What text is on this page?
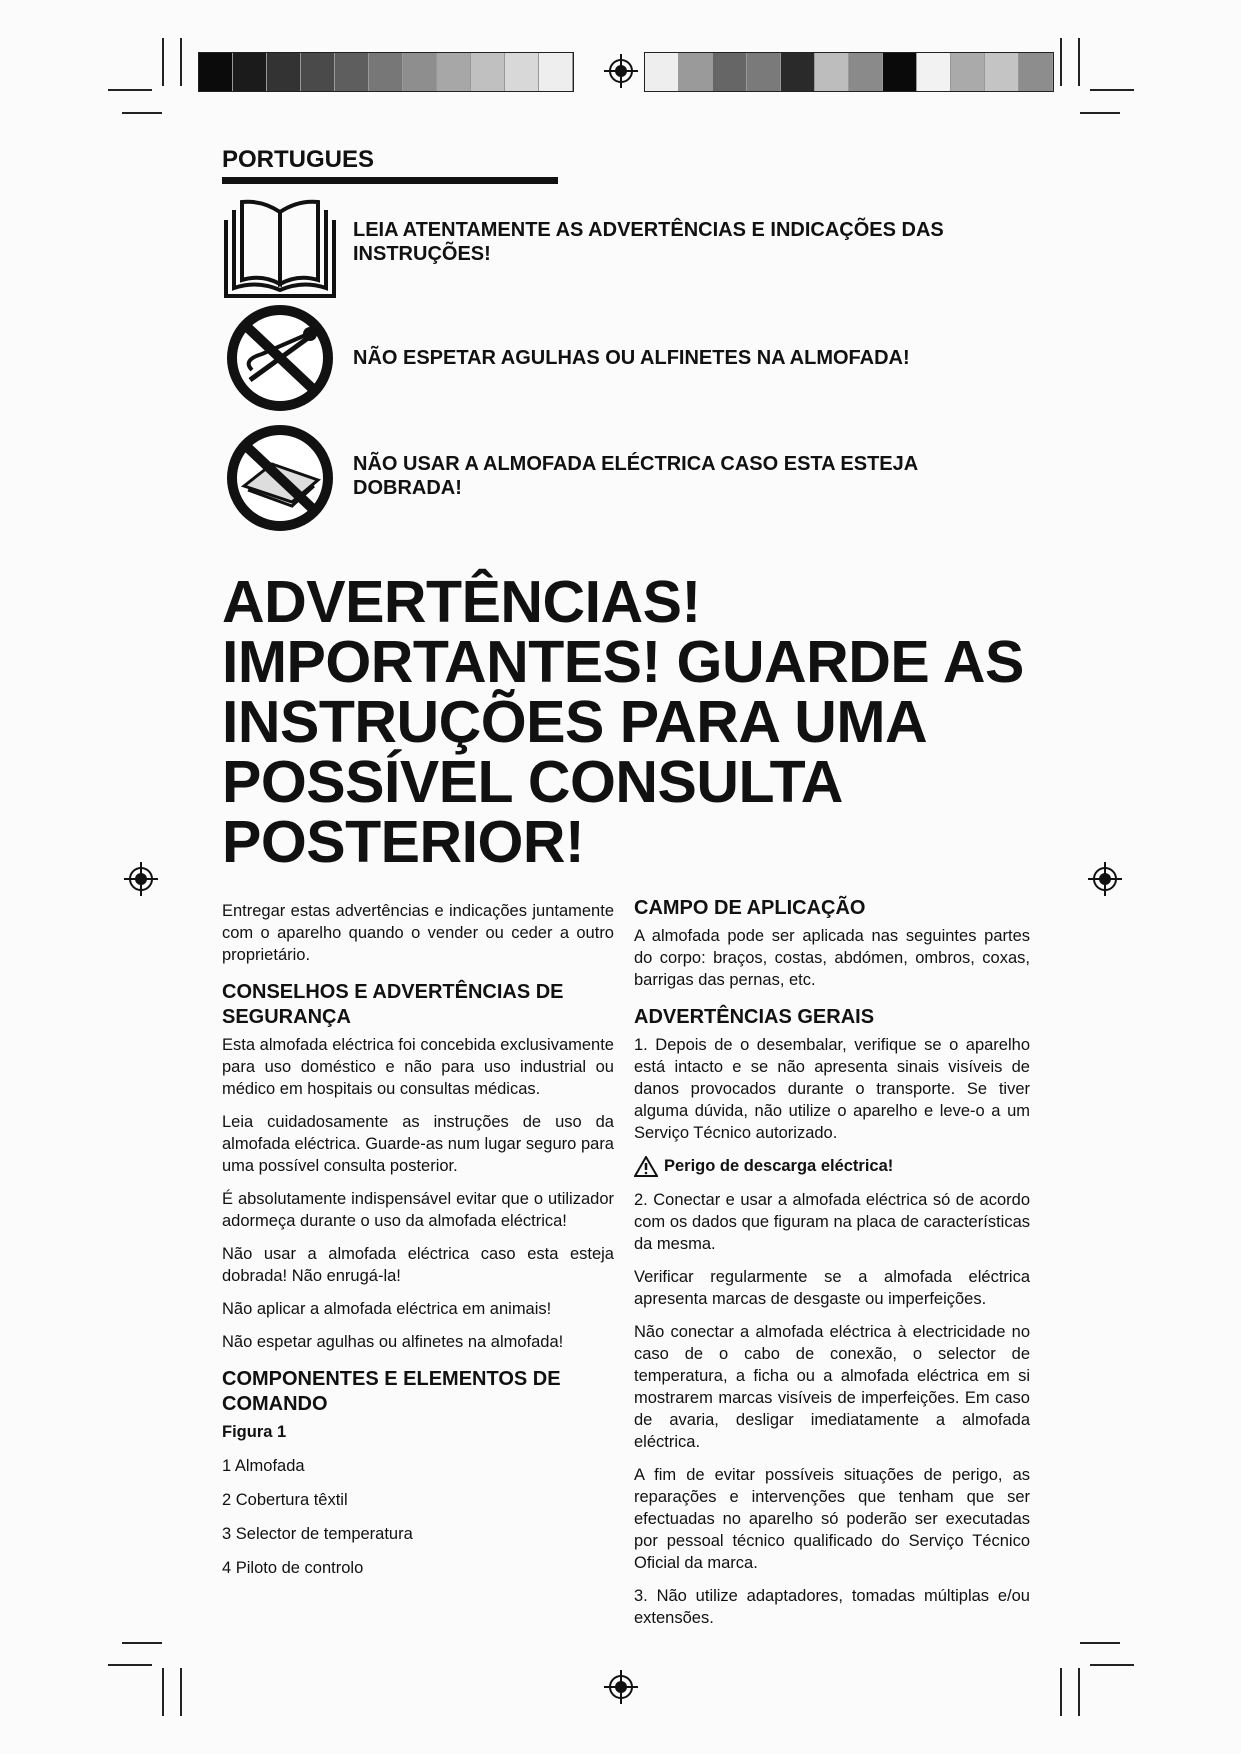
PORTUGUES
LEIA ATENTAMENTE AS ADVERTÊNCIAS E INDICAÇÕES DAS INSTRUÇÕES!
NÃO ESPETAR AGULHAS OU ALFINETES NA ALMOFADA!
NÃO USAR A ALMOFADA ELÉCTRICA CASO ESTA ESTEJA DOBRADA!
ADVERTÊNCIAS! IMPORTANTES! GUARDE AS INSTRUÇÕES PARA UMA POSSÍVEL CONSULTA POSTERIOR!

Entregar estas advertências e indicações juntamente com o aparelho quando o vender ou ceder a outro proprietário.

CONSELHOS E ADVERTÊNCIAS DE SEGURANÇA

Esta almofada eléctrica foi concebida exclusivamente para uso doméstico e não para uso industrial ou médico em hospitais ou consultas médicas.

Leia cuidadosamente as instruções de uso da almofada eléctrica. Guarde-as num lugar seguro para uma possível consulta posterior.

É absolutamente indispensável evitar que o utilizador adormeça durante o uso da almofada eléctrica!

Não usar a almofada eléctrica caso esta esteja dobrada! Não enrugá-la!

Não aplicar a almofada eléctrica em animais!

Não espetar agulhas ou alfinetes na almofada!

COMPONENTES E ELEMENTOS DE COMANDO
Figura 1
1 Almofada
2 Cobertura têxtil
3 Selector de temperatura
4 Piloto de controlo
CAMPO DE APLICAÇÃO

A almofada pode ser aplicada nas seguintes partes do corpo: braços, costas, abdómen, ombros, coxas, barrigas das pernas, etc.

ADVERTÊNCIAS GERAIS

1. Depois de o desembalar, verifique se o aparelho está intacto e se não apresenta sinais visíveis de danos provocados durante o transporte. Se tiver alguma dúvida, não utilize o aparelho e leve-o a um Serviço Técnico autorizado.

Perigo de descarga eléctrica!

2. Conectar e usar a almofada eléctrica só de acordo com os dados que figuram na placa de características da mesma.

Verificar regularmente se a almofada eléctrica apresenta marcas de desgaste ou imperfeições.

Não conectar a almofada eléctrica à electricidade no caso de o cabo de conexão, o selector de temperatura, a ficha ou a almofada eléctrica em si mostrarem marcas visíveis de imperfeições. Em caso de avaria, desligar imediatamente a almofada eléctrica.

A fim de evitar possíveis situações de perigo, as reparações e intervenções que tenham que ser efectuadas no aparelho só poderão ser executadas por pessoal técnico qualificado do Serviço Técnico Oficial da marca.

3. Não utilize adaptadores, tomadas múltiplas e/ou extensões.
